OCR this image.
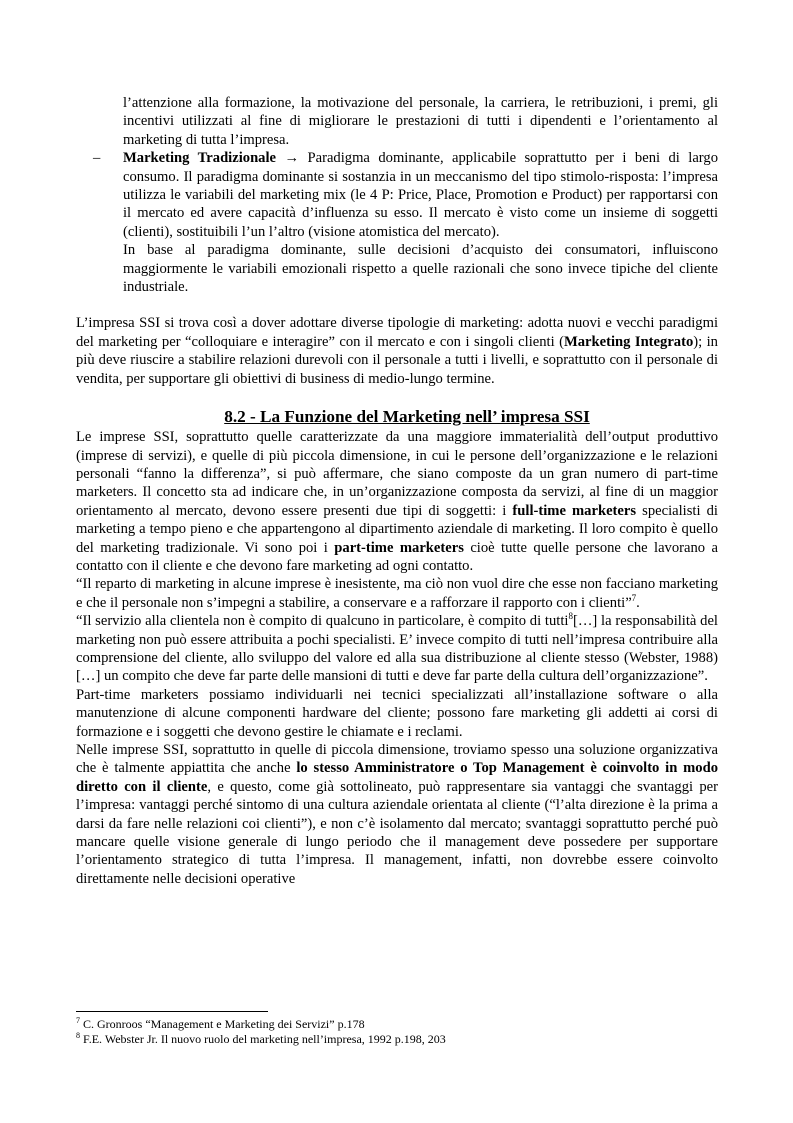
l’attenzione alla formazione, la motivazione del personale, la carriera, le retribuzioni, i premi, gli incentivi utilizzati al fine di migliorare le prestazioni di tutti i dipendenti e l’orientamento al marketing di tutta l’impresa.

–	Marketing Tradizionale → Paradigma dominante, applicabile soprattutto per i beni di largo consumo. Il paradigma dominante si sostanzia in un meccanismo del tipo stimolo-risposta: l’impresa utilizza le variabili del marketing mix (le 4 P: Price, Place, Promotion e Product) per rapportarsi con il mercato ed avere capacità d’influenza su esso. Il mercato è visto come un insieme di soggetti (clienti), sostituibili l’un l’altro (visione atomistica del mercato).

In base al paradigma dominante, sulle decisioni d’acquisto dei consumatori, influiscono maggiormente le variabili emozionali rispetto a quelle razionali che sono invece tipiche del cliente industriale.

L’impresa SSI si trova così a dover adottare diverse tipologie di marketing: adotta nuovi e vecchi paradigmi del marketing per “colloquiare e interagire” con il mercato e con i singoli clienti (Marketing Integrato); in più deve riuscire a stabilire relazioni durevoli con il personale a tutti i livelli, e soprattutto con il personale di vendita, per supportare gli obiettivi di business di medio-lungo termine.

8.2 - La Funzione del Marketing nell’ impresa SSI

Le imprese SSI, soprattutto quelle caratterizzate da una maggiore immaterialità dell’output produttivo (imprese di servizi), e quelle di più piccola dimensione, in cui le persone dell’organizzazione e le relazioni personali “fanno la differenza”, si può affermare, che siano composte da un gran numero di part-time marketers. Il concetto sta ad indicare che, in un’organizzazione composta da servizi, al fine di un maggior orientamento al mercato, devono essere presenti due tipi di soggetti: i full-time marketers specialisti di marketing a tempo pieno e che appartengono al dipartimento aziendale di marketing. Il loro compito è quello del marketing tradizionale. Vi sono poi i part-time marketers cioè tutte quelle persone che lavorano a contatto con il cliente e che devono fare marketing ad ogni contatto.

“Il reparto di marketing in alcune imprese è inesistente, ma ciò non vuol dire che esse non facciano marketing e che il personale non s’impegni a stabilire, a conservare e a rafforzare il rapporto con i clienti”$^7$.

“Il servizio alla clientela non è compito di qualcuno in particolare, è compito di tutti$^8$[…] la responsabilità del marketing non può essere attribuita a pochi specialisti. E’ invece compito di tutti nell’impresa contribuire alla comprensione del cliente, allo sviluppo del valore ed alla sua distribuzione al cliente stesso (Webster, 1988) […] un compito che deve far parte delle mansioni di tutti e deve far parte della cultura dell’organizzazione”.

Part-time marketers possiamo individuarli nei tecnici specializzati all’installazione software o alla manutenzione di alcune componenti hardware del cliente; possono fare marketing gli addetti ai corsi di formazione e i soggetti che devono gestire le chiamate e i reclami.

Nelle imprese SSI, soprattutto in quelle di piccola dimensione, troviamo spesso una soluzione organizzativa che è talmente appiattita che anche lo stesso Amministratore o Top Management è coinvolto in modo diretto con il cliente, e questo, come già sottolineato, può rappresentare sia vantaggi che svantaggi per l’impresa: vantaggi perché sintomo di una cultura aziendale orientata al cliente (“l’alta direzione è la prima a darsi da fare nelle relazioni coi clienti”), e non c’è isolamento dal mercato; svantaggi soprattutto perché può mancare quelle visione generale di lungo periodo che il management deve possedere per supportare l’orientamento strategico di tutta l’impresa. Il management, infatti, non dovrebbe essere coinvolto direttamente nelle decisioni operative

$^7$ C. Gronroos “Management e Marketing dei Servizi” p.178

$^8$ F.E. Webster Jr. Il nuovo ruolo del marketing nell’impresa, 1992 p.198, 203
